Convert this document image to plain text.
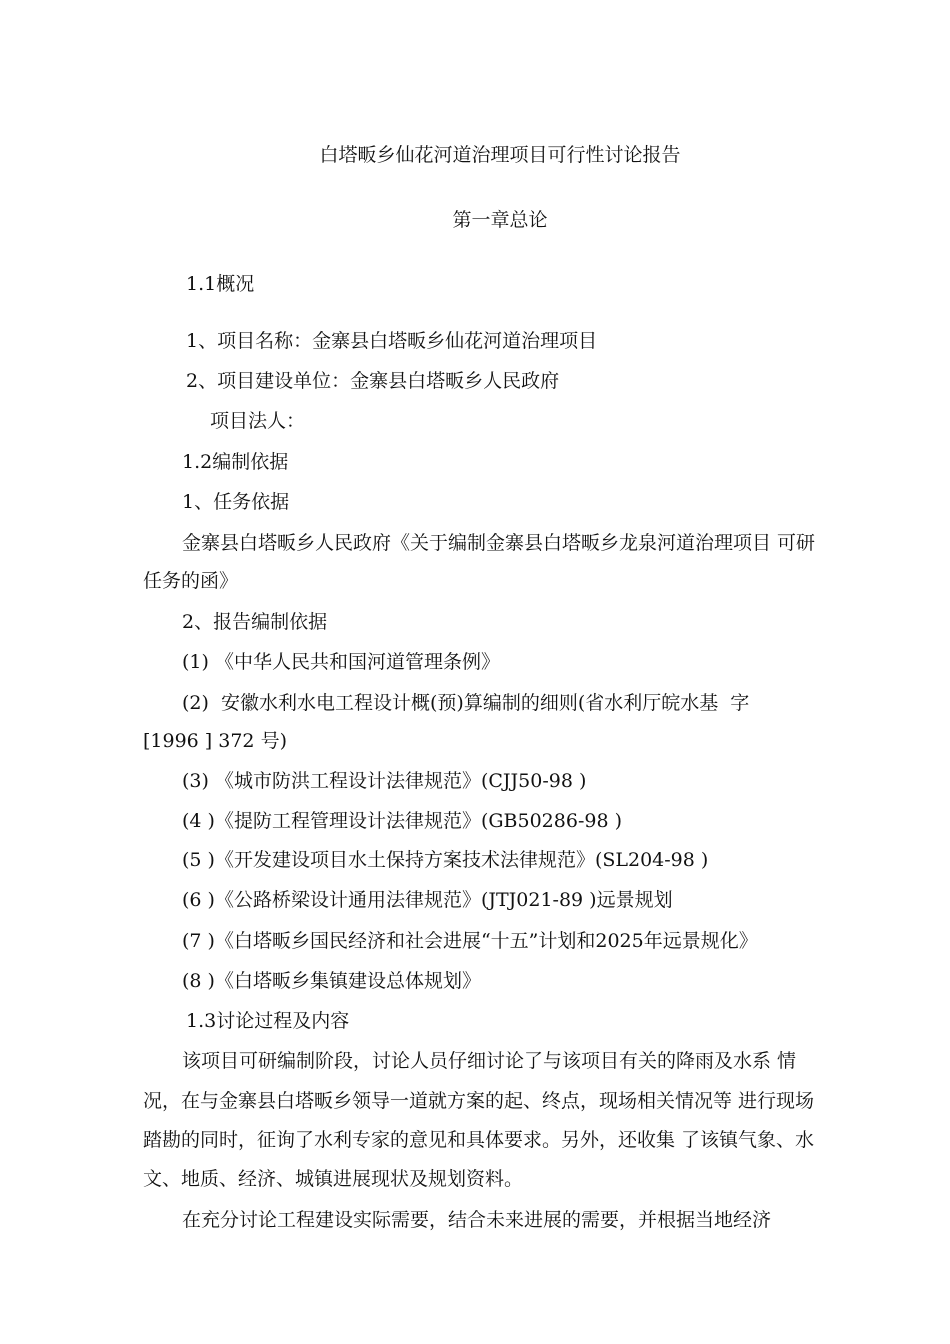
白塔畈乡仙花河道治理项目可行性讨论报告
第一章总论
1.1概况
1、项目名称：金寨县白塔畈乡仙花河道治理项目
2、项目建设单位：金寨县白塔畈乡人民政府
项目法人：
1.2编制依据
1、任务依据
金寨县白塔畈乡人民政府《关于编制金寨县白塔畈乡龙泉河道治理项目 可研
任务的函》
2、报告编制依据
(1) 《中华人民共和国河道管理条例》
(2)  安徽水利水电工程设计概(预)算编制的细则(省水利厅皖水基  字
[1996 ] 372 号)
(3) 《城市防洪工程设计法律规范》(CJJ50-98 )
(4 )《提防工程管理设计法律规范》(GB50286-98 )
(5 )《开发建设项目水土保持方案技术法律规范》(SL204-98 )
(6 )《公路桥梁设计通用法律规范》(JTJ021-89 )远景规划
(7 )《白塔畈乡国民经济和社会进展“十五”计划和2025年远景规化》
(8 )《白塔畈乡集镇建设总体规划》
1.3讨论过程及内容
该项目可研编制阶段，讨论人员仔细讨论了与该项目有关的降雨及水系 情
况，在与金寨县白塔畈乡领导一道就方案的起、终点，现场相关情况等 进行现场
踏勘的同时，征询了水利专家的意见和具体要求。另外，还收集 了该镇气象、水
文、地质、经济、城镇进展现状及规划资料。
在充分讨论工程建设实际需要，结合未来进展的需要，并根据当地经济
